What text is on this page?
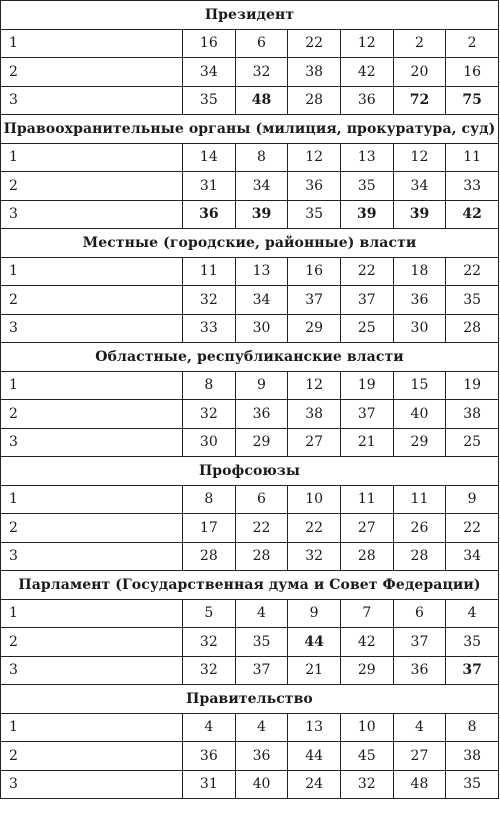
Президент						
1	16	6	22	12	2	2
2	34	32	38	42	20	16
3	35	48	28	36	72	75
Правоохранительные органы (милиция, прокуратура, суд)						
1	14	8	12	13	12	11
2	31	34	36	35	34	33
3	36	39	35	39	39	42
Местные (городские, районные) власти						
1	11	13	16	22	18	22
2	32	34	37	37	36	35
3	33	30	29	25	30	28
Областные, республиканские власти						
1	8	9	12	19	15	19
2	32	36	38	37	40	38
3	30	29	27	21	29	25
Профсоюзы						
1	8	6	10	11	11	9
2	17	22	22	27	26	22
3	28	28	32	28	28	34
Парламент (Государственная дума и Совет Федерации)						
1	5	4	9	7	6	4
2	32	35	44	42	37	35
3	32	37	21	29	36	37
Правительство						
1	4	4	13	10	4	8
2	36	36	44	45	27	38
3	31	40	24	32	48	35
